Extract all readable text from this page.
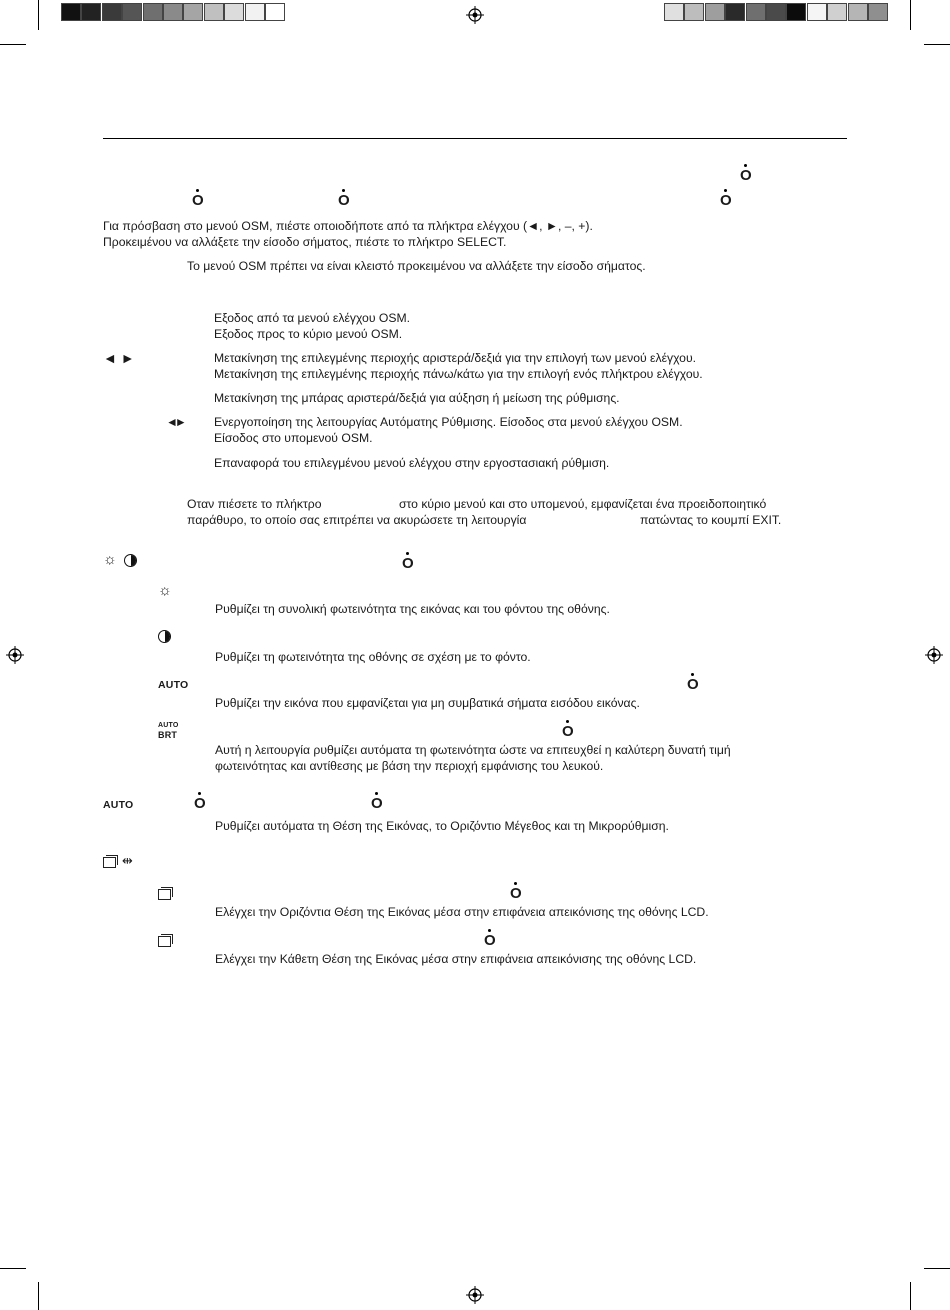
O
O	O	O
Για πρόσβαση στο μενού OSM, πιέστε οποιοδήποτε από τα πλήκτρα ελέγχου (◄, ►, –, +).
Προκειμένου να αλλάξετε την είσοδο σήματος, πιέστε το πλήκτρο SELECT.
Το μενού OSM πρέπει να είναι κλειστό προκειμένου να αλλάξετε την είσοδο σήματος.
Εξοδος από τα μενού ελέγχου OSM.
Εξοδος προς το κύριο μενού OSM.
◄ ►	Μετακίνηση της επιλεγμένης περιοχής αριστερά/δεξιά για την επιλογή των μενού ελέγχου.
Μετακίνηση της επιλεγμένης περιοχής πάνω/κάτω για την επιλογή ενός πλήκτρου ελέγχου.
Μετακίνηση της μπάρας αριστερά/δεξιά για αύξηση ή μείωση της ρύθμισης.
◄► Ενεργοποίηση της λειτουργίας Αυτόματης Ρύθμισης. Είσοδος στα μενού ελέγχου OSM.
Είσοδος στο υπομενού OSM.
Επαναφορά του επιλεγμένου μενού ελέγχου στην εργοστασιακή ρύθμιση.
Οταν πιέσετε το πλήκτρο	στο κύριο μενού και στο υπομενού, εμφανίζεται ένα προειδοποιητικό
παράθυρο, το οποίο σας επιτρέπει να ακυρώσετε τη λειτουργία	πατώντας το κουμπί EXIT.
☼	O
☼
Ρυθμίζει τη συνολική φωτεινότητα της εικόνας και του φόντου της οθόνης.
Ρυθμίζει τη φωτεινότητα της οθόνης σε σχέση με το φόντο.
AUTO	O
Ρυθμίζει την εικόνα που εμφανίζεται για μη συμβατικά σήματα εισόδου εικόνας.
AUTO
BRT	O
Αυτή η λειτουργία ρυθμίζει αυτόματα τη φωτεινότητα ώστε να επιτευχθεί η καλύτερη δυνατή τιμή
φωτεινότητας και αντίθεσης με βάση την περιοχή εμφάνισης του λευκού.
AUTO	O	O
Ρυθμίζει αυτόματα τη Θέση της Εικόνας, το Οριζόντιο Μέγεθος και τη Μικρορύθμιση.
⇹
O
Ελέγχει την Οριζόντια Θέση της Εικόνας μέσα στην επιφάνεια απεικόνισης της οθόνης LCD.
O
Ελέγχει την Κάθετη Θέση της Εικόνας μέσα στην επιφάνεια απεικόνισης της οθόνης LCD.
